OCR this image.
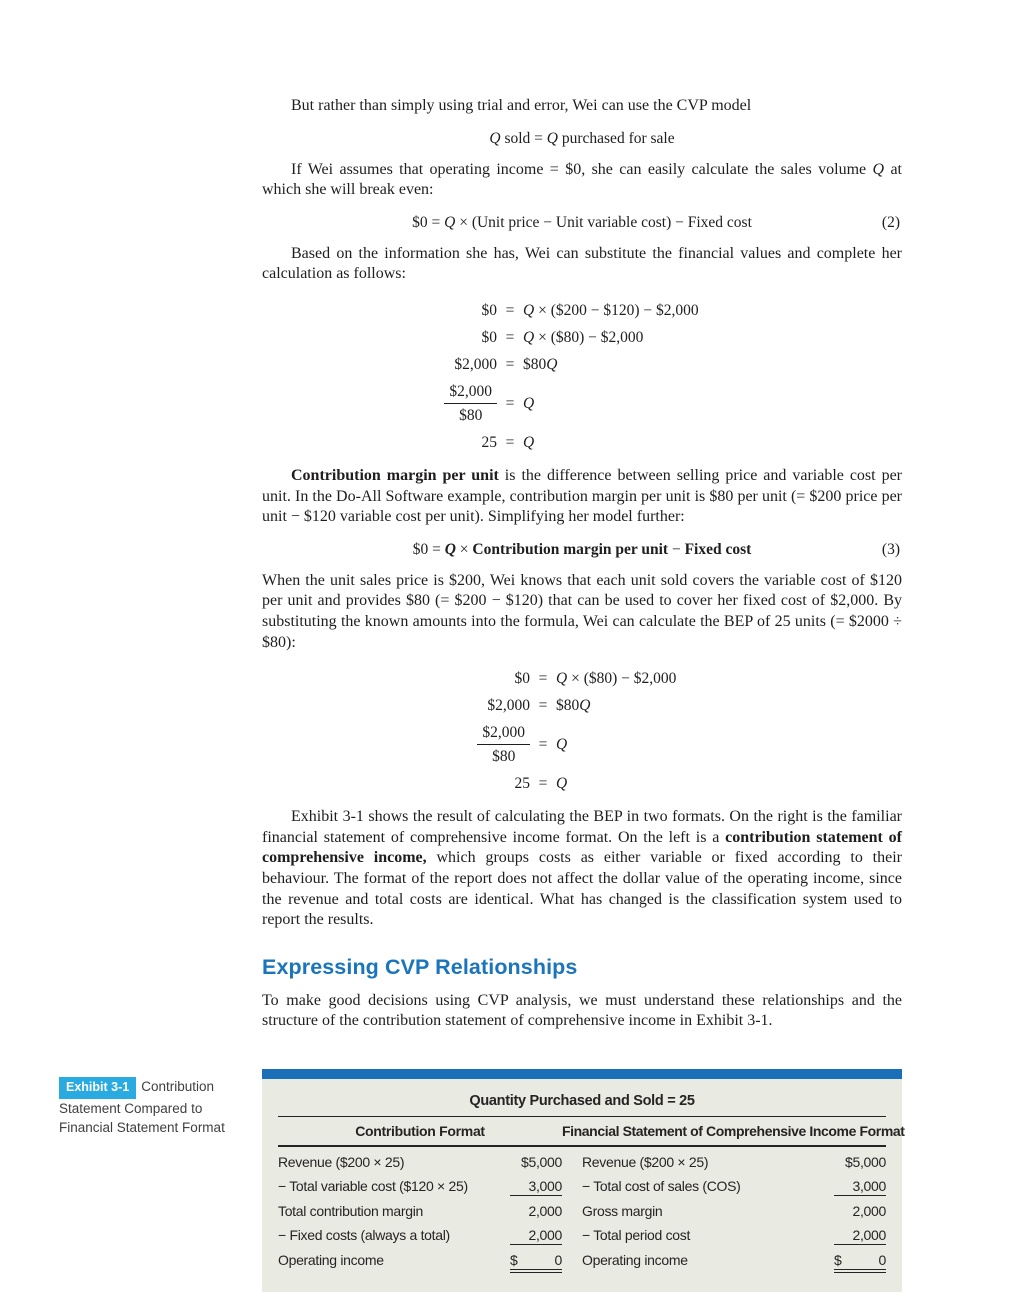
But rather than simply using trial and error, Wei can use the CVP model

Q sold = Q purchased for sale

If Wei assumes that operating income = $0, she can easily calculate the sales volume Q at which she will break even:

$0 = Q × (Unit price − Unit variable cost) − Fixed cost	(2)

Based on the information she has, Wei can substitute the financial values and complete her calculation as follows:

$0 = Q × ($200 − $120) − $2,000
$0 = Q × ($80) − $2,000
$2,000 = $80Q
$\frac{\$2,000}{\$80} = Q$
25 = Q

Contribution margin per unit is the difference between selling price and variable cost per unit. In the Do-All Software example, contribution margin per unit is $80 per unit (= $200 price per unit − $120 variable cost per unit). Simplifying her model further:

$0 = Q × Contribution margin per unit − Fixed cost	(3)

When the unit sales price is $200, Wei knows that each unit sold covers the variable cost of $120 per unit and provides $80 (= $200 − $120) that can be used to cover her fixed cost of $2,000. By substituting the known amounts into the formula, Wei can calculate the BEP of 25 units (= $2000 ÷ $80):

$0 = Q × ($80) − $2,000
$2,000 = $80Q
$\frac{\$2,000}{\$80} = Q$
25 = Q

Exhibit 3-1 shows the result of calculating the BEP in two formats. On the right is the familiar financial statement of comprehensive income format. On the left is a contribution statement of comprehensive income, which groups costs as either variable or fixed according to their behaviour. The format of the report does not affect the dollar value of the operating income, since the revenue and total costs are identical. What has changed is the classification system used to report the results.

Expressing CVP Relationships

To make good decisions using CVP analysis, we must understand these relationships and the structure of the contribution statement of comprehensive income in Exhibit 3-1.

Exhibit 3-1 Contribution Statement Compared to Financial Statement Format
Quantity Purchased and Sold = 25
Contribution Format	Financial Statement of Comprehensive Income Format
Revenue ($200 × 25)	$5,000 Revenue ($200 × 25)	$5,000
− Total variable cost ($120 × 25)	3,000 − Total cost of sales (COS)	3,000
Total contribution margin	2,000 Gross margin	2,000
− Fixed costs (always a total)	2,000 − Total period cost	2,000
Operating income	$	0 Operating income	$	0
